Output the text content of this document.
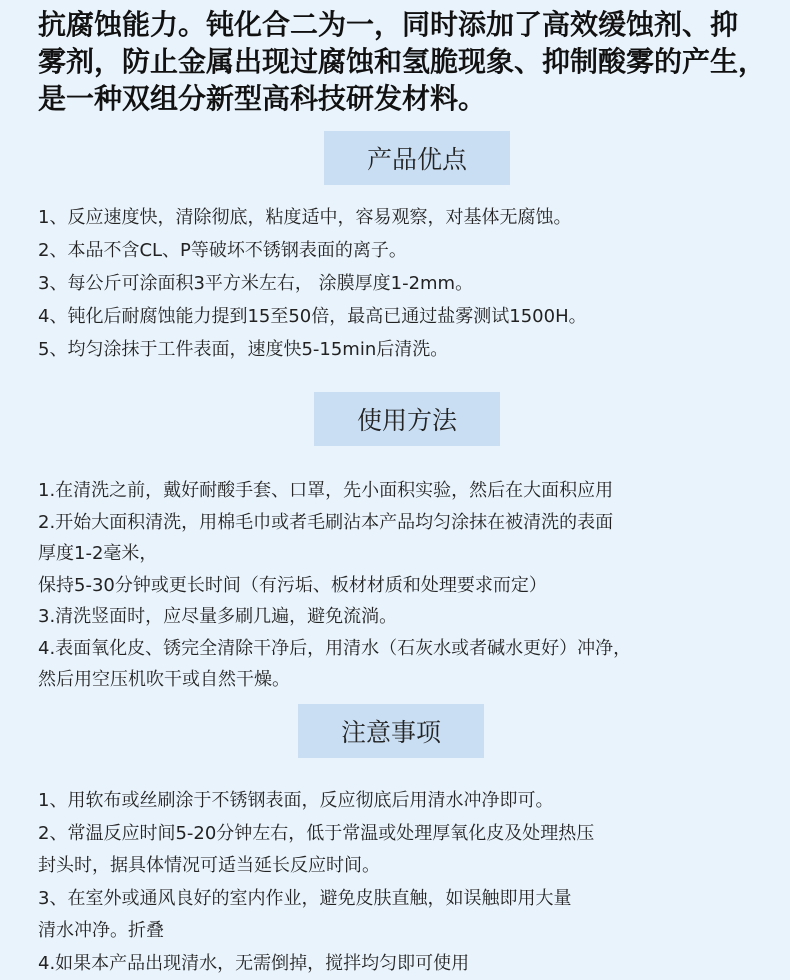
抗腐蚀能力。钝化合二为一，同时添加了高效缓蚀剂、抑
雾剂，防止金属出现过腐蚀和氢脆现象、抑制酸雾的产生，
是一种双组分新型高科技研发材料。
产品优点
1、反应速度快，清除彻底，粘度适中，容易观察，对基体无腐蚀。
2、本品不含CL、P等破坏不锈钢表面的离子。
3、每公斤可涂面积3平方米左右， 涂膜厚度1-2mm。
4、钝化后耐腐蚀能力提到15至50倍，最高已通过盐雾测试1500H。
5、均匀涂抹于工件表面，速度快5-15min后清洗。
使用方法
1.在清洗之前，戴好耐酸手套、口罩，先小面积实验，然后在大面积应用
2.开始大面积清洗，用棉毛巾或者毛刷沾本产品均匀涂抹在被清洗的表面
厚度1-2毫米，
保持5-30分钟或更长时间（有污垢、板材材质和处理要求而定）
3.清洗竖面时，应尽量多刷几遍，避免流淌。
4.表面氧化皮、锈完全清除干净后，用清水（石灰水或者碱水更好）冲净，
然后用空压机吹干或自然干燥。
注意事项
1、用软布或丝刷涂于不锈钢表面，反应彻底后用清水冲净即可。
2、常温反应时间5-20分钟左右，低于常温或处理厚氧化皮及处理热压
封头时，据具体情况可适当延长反应时间。
3、在室外或通风良好的室内作业，避免皮肤直触，如误触即用大量
清水冲净。折叠
4.如果本产品出现清水，无需倒掉，搅拌均匀即可使用
